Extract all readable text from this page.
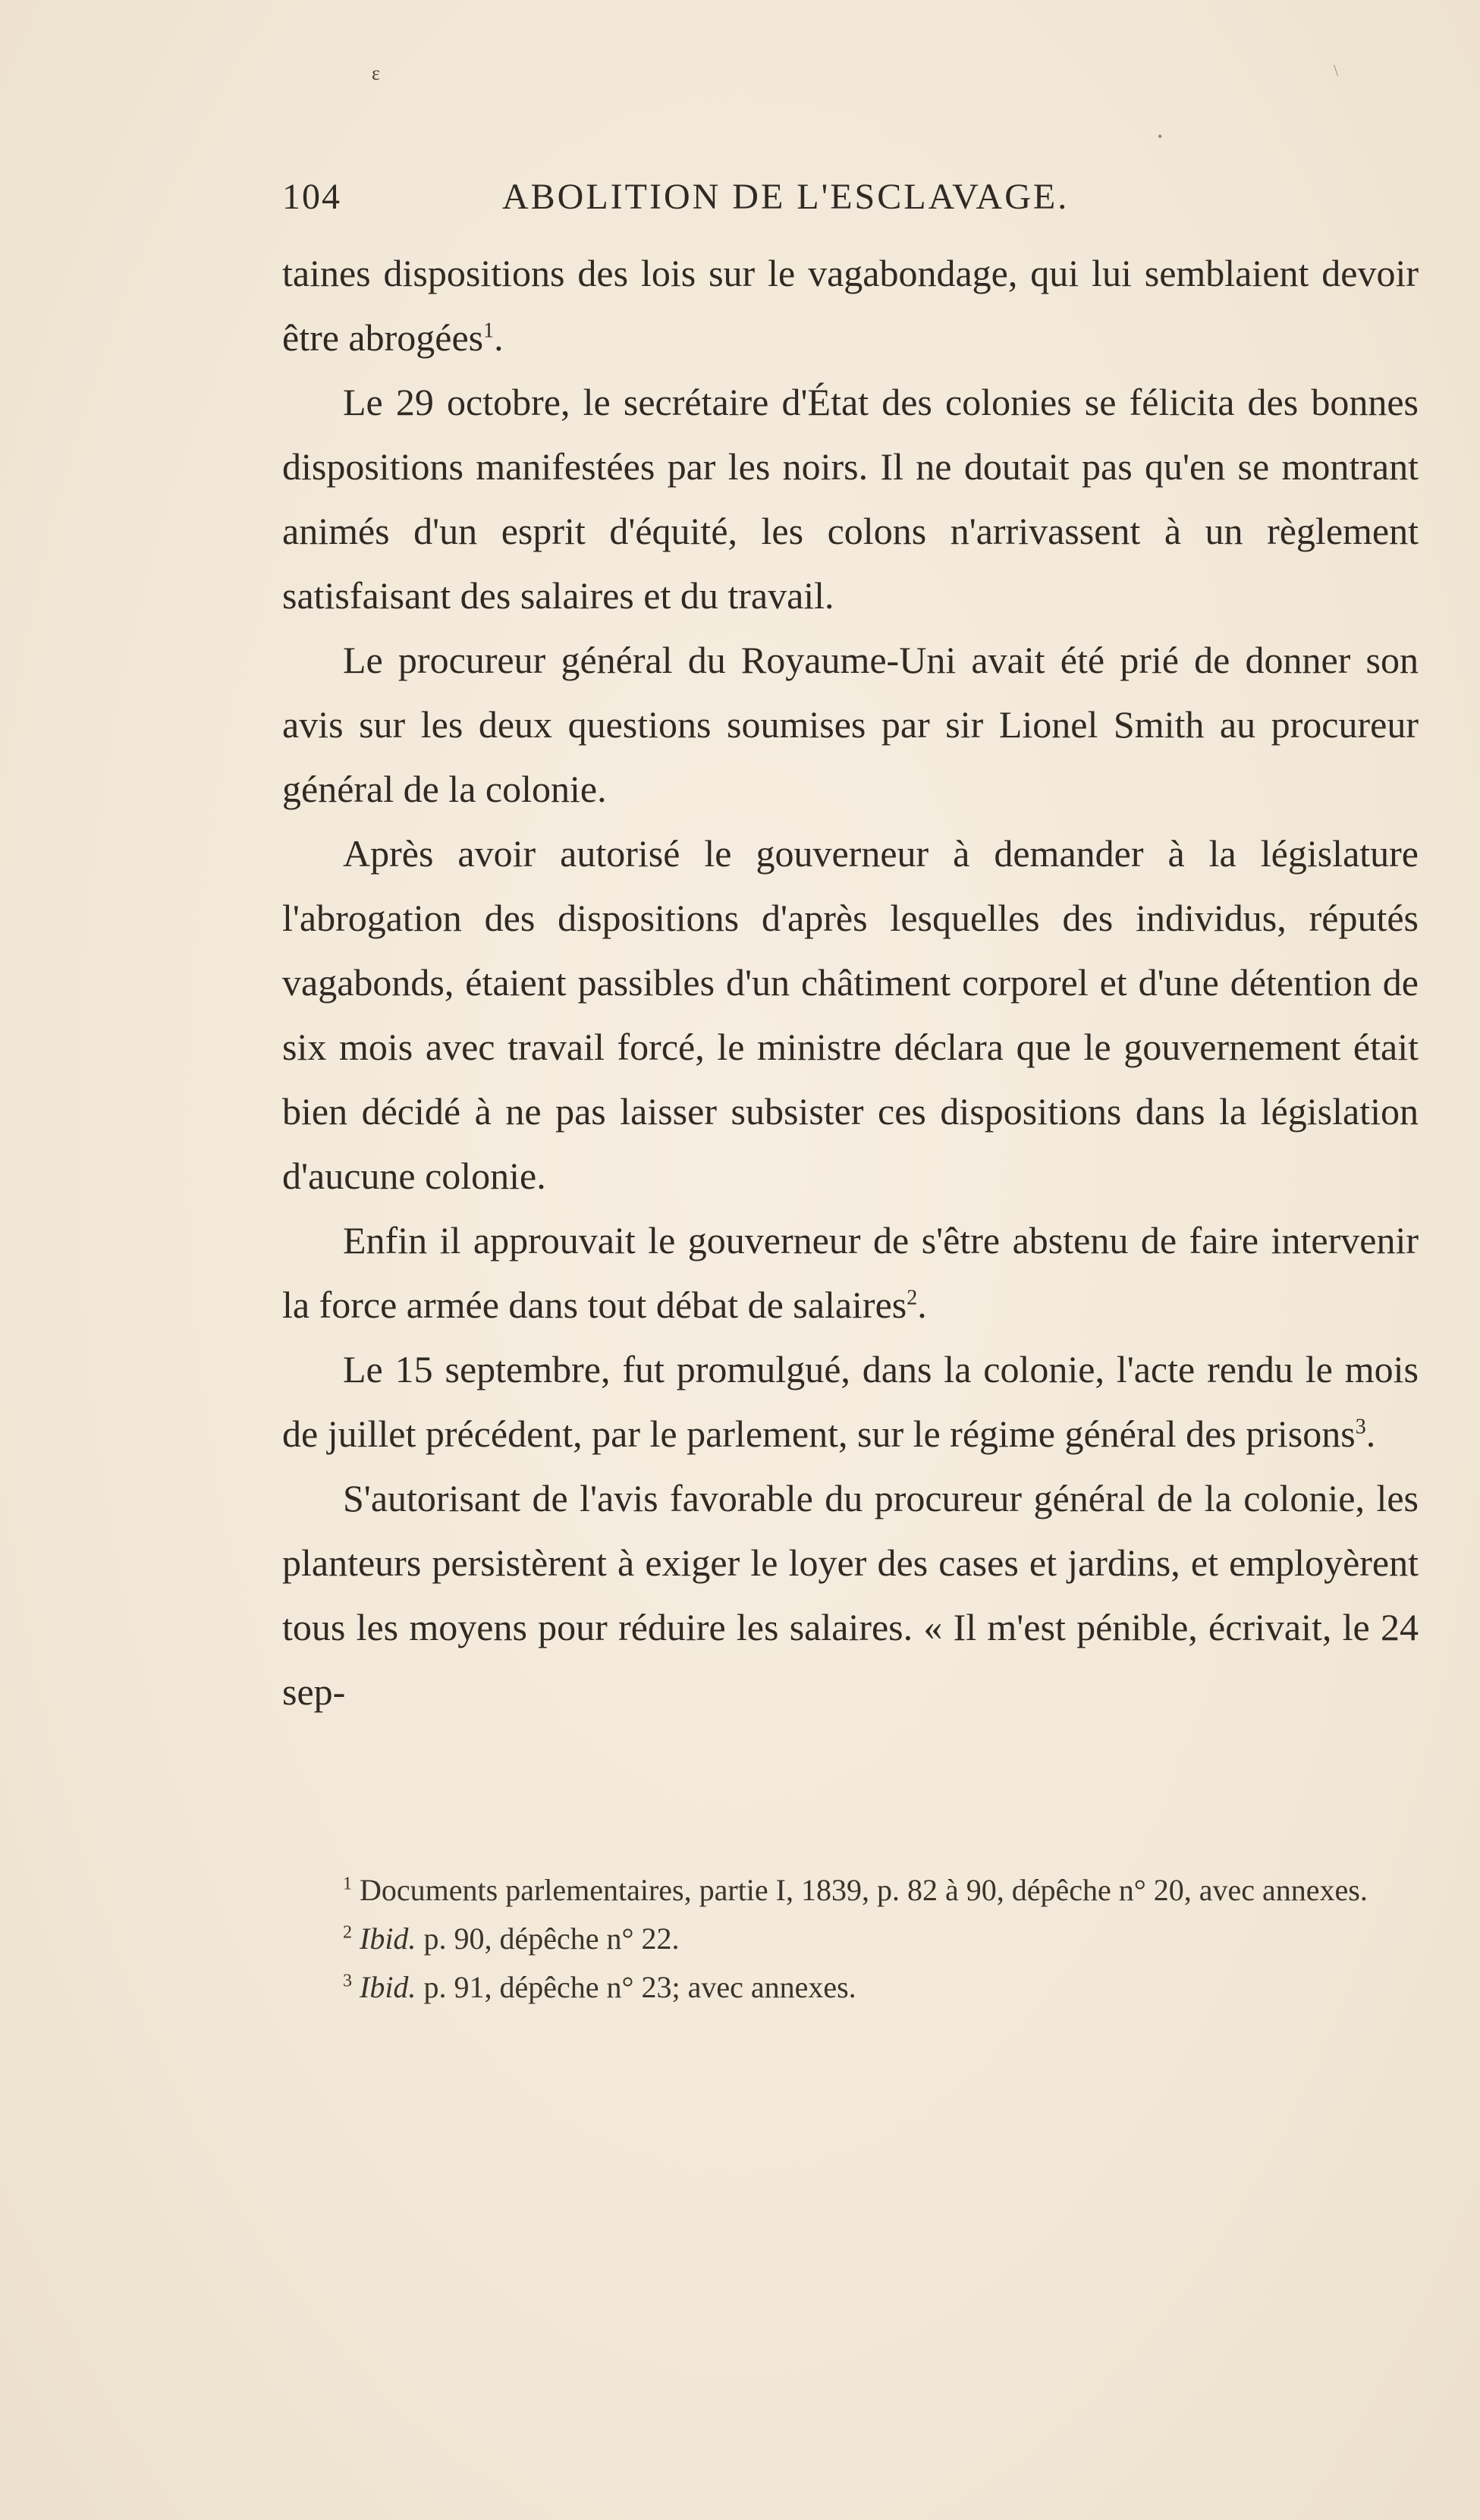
ɛ	\
•
104	ABOLITION DE L'ESCLAVAGE.

taines dispositions des lois sur le vagabondage, qui lui semblaient devoir être abrogées$^1$.

Le 29 octobre, le secrétaire d'État des colonies se félicita des bonnes dispositions manifestées par les noirs. Il ne doutait pas qu'en se montrant animés d'un esprit d'équité, les colons n'arrivassent à un règlement satisfaisant des salaires et du travail.

Le procureur général du Royaume-Uni avait été prié de donner son avis sur les deux questions soumises par sir Lionel Smith au procureur général de la colonie.

Après avoir autorisé le gouverneur à demander à la législature l'abrogation des dispositions d'après lesquelles des individus, réputés vagabonds, étaient passibles d'un châtiment corporel et d'une détention de six mois avec travail forcé, le ministre déclara que le gouvernement était bien décidé à ne pas laisser subsister ces dispositions dans la législation d'aucune colonie.

Enfin il approuvait le gouverneur de s'être abstenu de faire intervenir la force armée dans tout débat de salaires$^2$.

Le 15 septembre, fut promulgué, dans la colonie, l'acte rendu le mois de juillet précédent, par le parlement, sur le régime général des prisons$^3$.

S'autorisant de l'avis favorable du procureur général de la colonie, les planteurs persistèrent à exiger le loyer des cases et jardins, et employèrent tous les moyens pour réduire les salaires. « Il m'est pénible, écrivait, le 24 sep-

$^1$ Documents parlementaires, partie I, 1839, p. 82 à 90, dépêche n° 20, avec annexes.

$^2$ Ibid. p. 90, dépêche n° 22.

$^3$ Ibid. p. 91, dépêche n° 23; avec annexes.
